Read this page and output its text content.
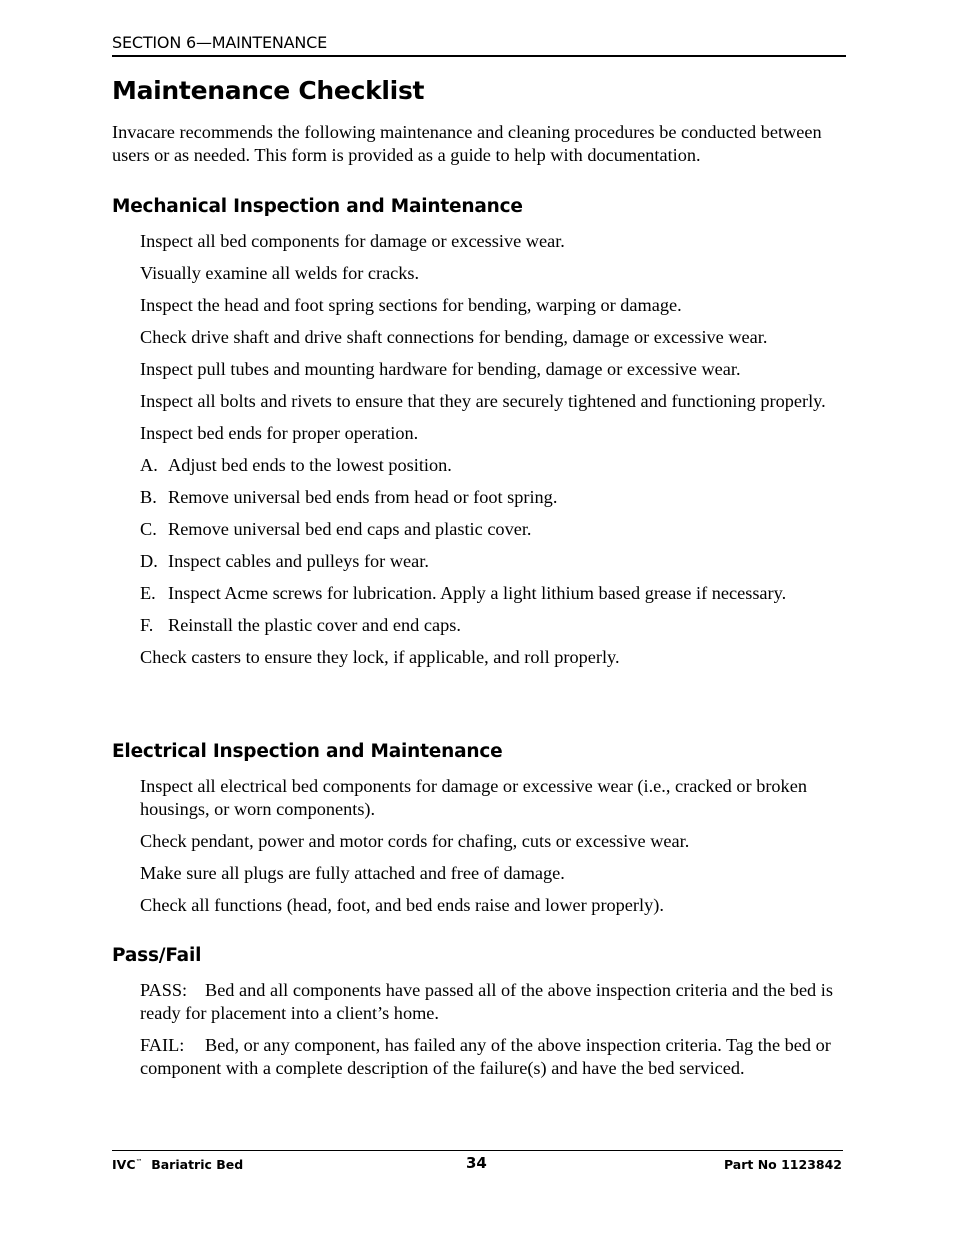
SECTION 6—MAINTENANCE
Maintenance Checklist
Invacare recommends the following maintenance and cleaning procedures be conducted between users or as needed. This form is provided as a guide to help with documentation.
Mechanical Inspection and Maintenance

Inspect all bed components for damage or excessive wear.

Visually examine all welds for cracks.

Inspect the head and foot spring sections for bending, warping or damage.

Check drive shaft and drive shaft connections for bending, damage or excessive wear.

Inspect pull tubes and mounting hardware for bending, damage or excessive wear.

Inspect all bolts and rivets to ensure that they are securely tightened and functioning properly.

Inspect bed ends for proper operation.

A. Adjust bed ends to the lowest position.

B. Remove universal bed ends from head or foot spring.

C. Remove universal bed end caps and plastic cover.

D. Inspect cables and pulleys for wear.

E. Inspect Acme screws for lubrication. Apply a light lithium based grease if necessary.

F. Reinstall the plastic cover and end caps.

Check casters to ensure they lock, if applicable, and roll properly.

Electrical Inspection and Maintenance

Inspect all electrical bed components for damage or excessive wear (i.e., cracked or broken housings, or worn components).

Check pendant, power and motor cords for chafing, cuts or excessive wear.

Make sure all plugs are fully attached and free of damage.

Check all functions (head, foot, and bed ends raise and lower properly).

Pass/Fail

PASS: Bed and all components have passed all of the above inspection criteria and the bed is ready for placement into a client’s home.

FAIL: Bed, or any component, has failed any of the above inspection criteria. Tag the bed or component with a complete description of the failure(s) and have the bed serviced.

IVC™ Bariatric Bed	34	Part No 1123842
